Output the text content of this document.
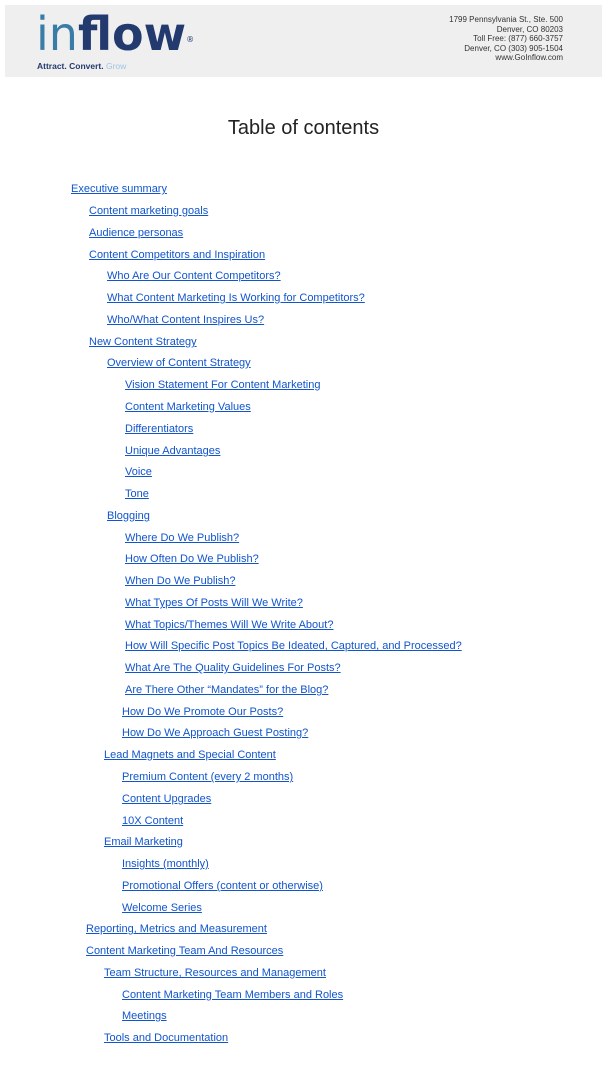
inflow®
Attract. Convert. Grow
1799 Pennsylvania St., Ste. 500
Denver, CO 80203
Toll Free: (877) 660-3757
Denver, CO (303) 905-1504
www.GoInflow.com
Table of contents
Executive summary
Content marketing goals
Audience personas
Content Competitors and Inspiration
Who Are Our Content Competitors?
What Content Marketing Is Working for Competitors?
Who/What Content Inspires Us?
New Content Strategy
Overview of Content Strategy
Vision Statement For Content Marketing
Content Marketing Values
Differentiators
Unique Advantages
Voice
Tone
Blogging
Where Do We Publish?
How Often Do We Publish?
When Do We Publish?
What Types Of Posts Will We Write?
What Topics/Themes Will We Write About?
How Will Specific Post Topics Be Ideated, Captured, and Processed?
What Are The Quality Guidelines For Posts?
Are There Other “Mandates” for the Blog?
How Do We Promote Our Posts?
How Do We Approach Guest Posting?
Lead Magnets and Special Content
Premium Content (every 2 months)
Content Upgrades
10X Content
Email Marketing
Insights (monthly)
Promotional Offers (content or otherwise)
Welcome Series
Reporting, Metrics and Measurement
Content Marketing Team And Resources
Team Structure, Resources and Management
Content Marketing Team Members and Roles
Meetings
Tools and Documentation
